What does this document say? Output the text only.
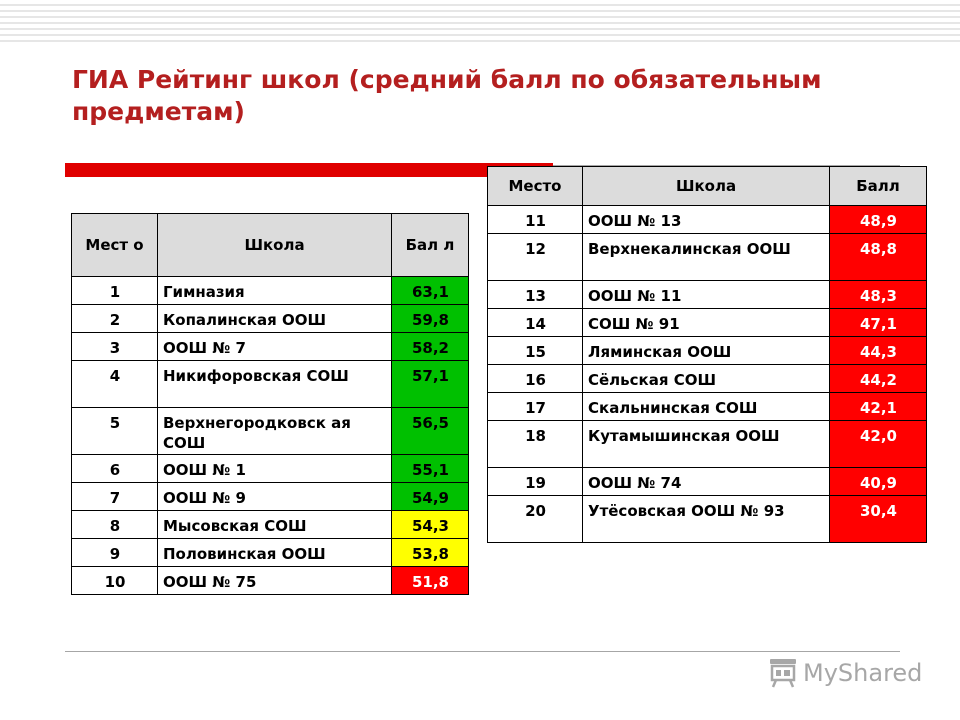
ГИА Рейтинг школ (средний балл по обязательным предметам)
Мест о	Школа	Бал л
1	Гимназия	63,1
2	Копалинская ООШ	59,8
3	ООШ № 7	58,2
4	Никифоровская СОШ	57,1
5	Верхнегородковск ая СОШ	56,5
6	ООШ № 1	55,1
7	ООШ № 9	54,9
8	Мысовская СОШ	54,3
9	Половинская ООШ	53,8
10	ООШ № 75	51,8
Место	Школа	Балл
11	ООШ № 13	48,9
12	Верхнекалинская ООШ	48,8
13	ООШ № 11	48,3
14	СОШ № 91	47,1
15	Ляминская ООШ	44,3
16	Сёльская СОШ	44,2
17	Скальнинская СОШ	42,1
18	Кутамышинская ООШ	42,0
19	ООШ № 74	40,9
20	Утёсовская ООШ № 93	30,4
MyShared
